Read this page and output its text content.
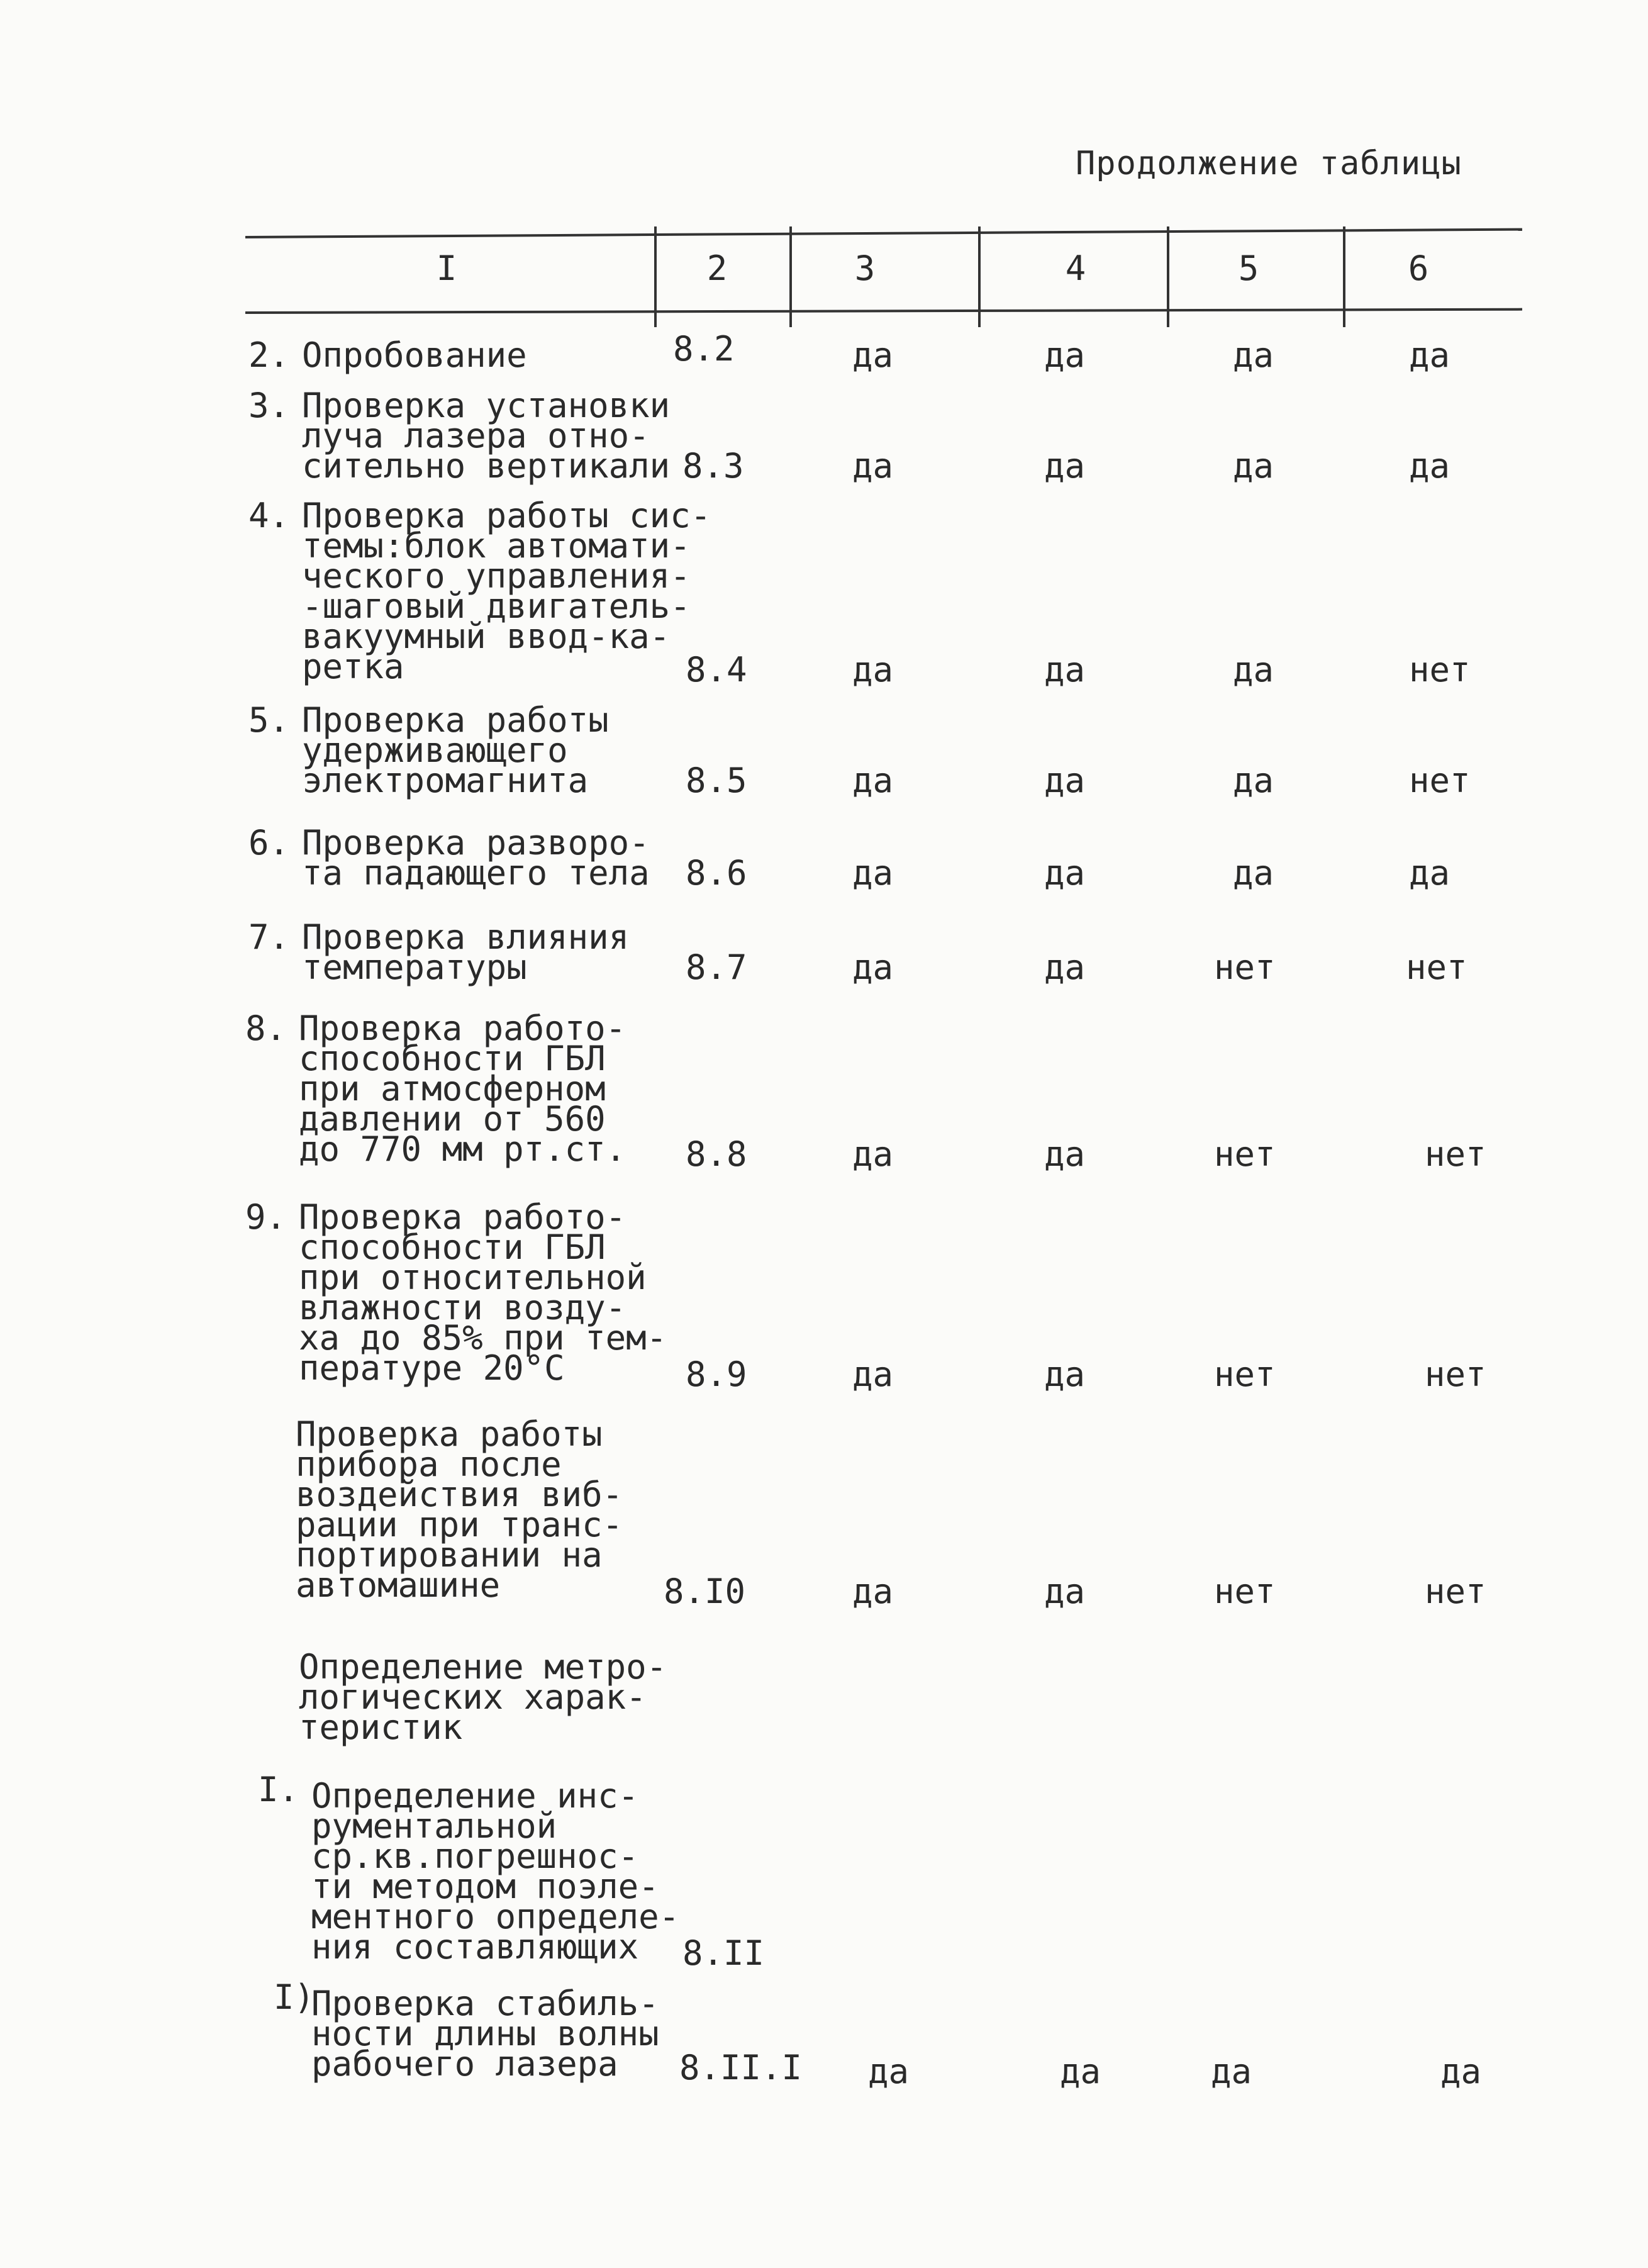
Продолжение таблицы
I	2	3	4	5	6
2. Опробование	8.2	да	да	да	да
3. Проверка установки
луча лазера отно-
сительно вертикали 8.3	да	да	да	да
4. Проверка работы сис-
темы:блок автомати-
ческого управления-
-шаговый двигатель-
вакуумный ввод-ка-
ретка	8.4	да	да	да	нет
5. Проверка работы
удерживающего
электромагнита	8.5	да	да	да	нет
6. Проверка разворо-
та падающего тела 8.6	да	да	да	да
7. Проверка влияния
температуры	8.7	да	да	нет	нет
8. Проверка работо-
способности ГБЛ
при атмосферном
давлении от 560
до 770 мм рт.ст. 8.8	да	да	нет	нет
9. Проверка работо-
способности ГБЛ
при относительной
влажности возду-
ха до 85% при тем-
пературе 20°С	8.9	да	да	нет	нет
Проверка работы
прибора после
воздействия виб-
рации при транс-
портировании на
автомашине	8.I0	да	да	нет	нет
Определение метро-
логических харак-
теристик
I. Определение инс-
рументальной
ср.кв.погрешнос-
ти методом поэле-
ментного определе-
ния составляющих 8.II
I)
Проверка стабиль-
ности длины волны
рабочего лазера 8.II.I да	да	да	да
